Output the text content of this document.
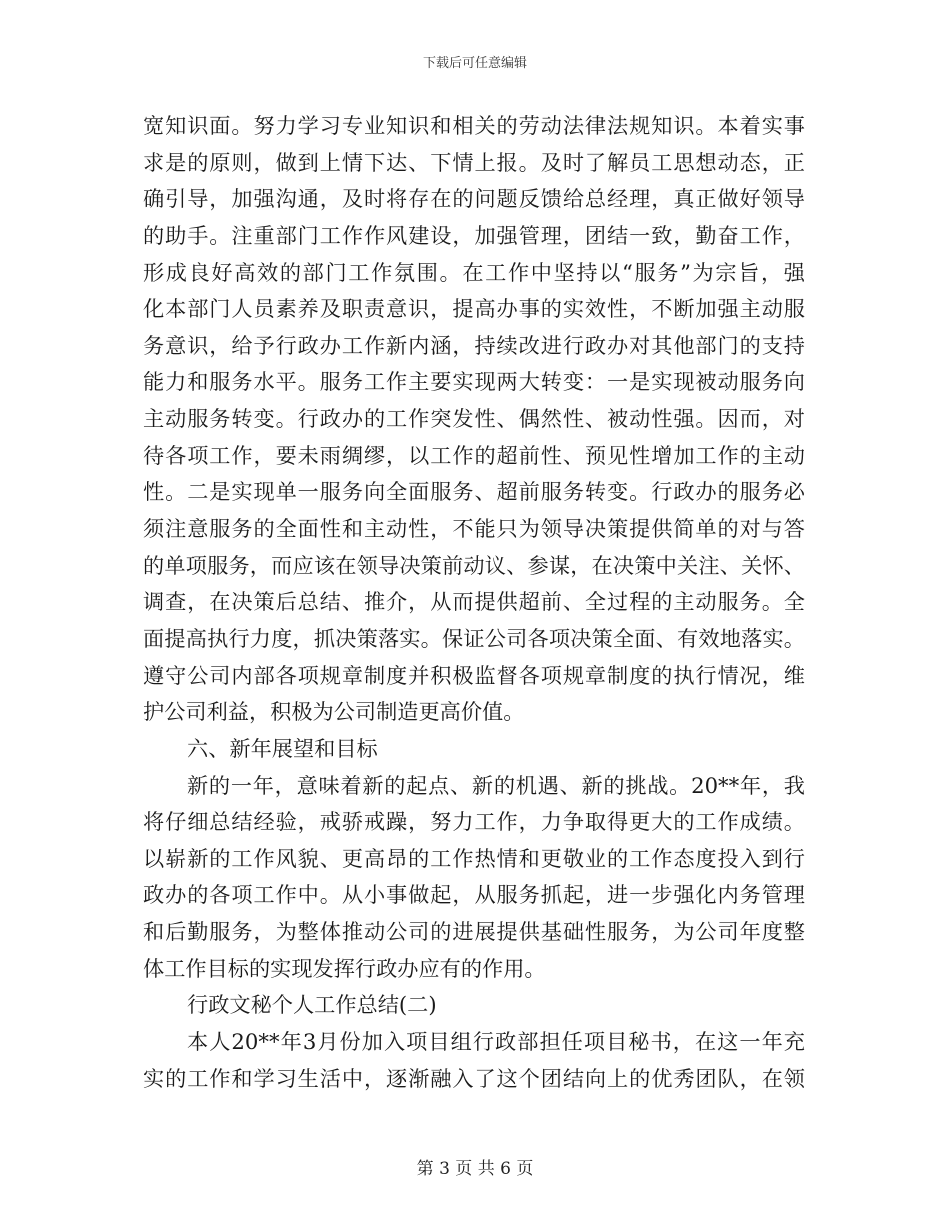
下载后可任意编辑
宽知识面。努力学习专业知识和相关的劳动法律法规知识。本着实事
求是的原则，做到上情下达、下情上报。及时了解员工思想动态，正
确引导，加强沟通，及时将存在的问题反馈给总经理，真正做好领导
的助手。注重部门工作作风建设，加强管理，团结一致，勤奋工作，
形成良好高效的部门工作氛围。在工作中坚持以“服务”为宗旨，强
化本部门人员素养及职责意识，提高办事的实效性，不断加强主动服
务意识，给予行政办工作新内涵，持续改进行政办对其他部门的支持
能力和服务水平。服务工作主要实现两大转变：一是实现被动服务向
主动服务转变。行政办的工作突发性、偶然性、被动性强。因而，对
待各项工作，要未雨绸缪，以工作的超前性、预见性增加工作的主动
性。二是实现单一服务向全面服务、超前服务转变。行政办的服务必
须注意服务的全面性和主动性，不能只为领导决策提供简单的对与答
的单项服务，而应该在领导决策前动议、参谋，在决策中关注、关怀、
调查，在决策后总结、推介，从而提供超前、全过程的主动服务。全
面提高执行力度，抓决策落实。保证公司各项决策全面、有效地落实。
遵守公司内部各项规章制度并积极监督各项规章制度的执行情况，维
护公司利益，积极为公司制造更高价值。
六、新年展望和目标
新的一年，意味着新的起点、新的机遇、新的挑战。20**年，我
将仔细总结经验，戒骄戒躁，努力工作，力争取得更大的工作成绩。
以崭新的工作风貌、更高昂的工作热情和更敬业的工作态度投入到行
政办的各项工作中。从小事做起，从服务抓起，进一步强化内务管理
和后勤服务，为整体推动公司的进展提供基础性服务，为公司年度整
体工作目标的实现发挥行政办应有的作用。
行政文秘个人工作总结(二)
本人20**年3月份加入项目组行政部担任项目秘书，在这一年充
实的工作和学习生活中，逐渐融入了这个团结向上的优秀团队，在领
第 3 页 共 6 页
